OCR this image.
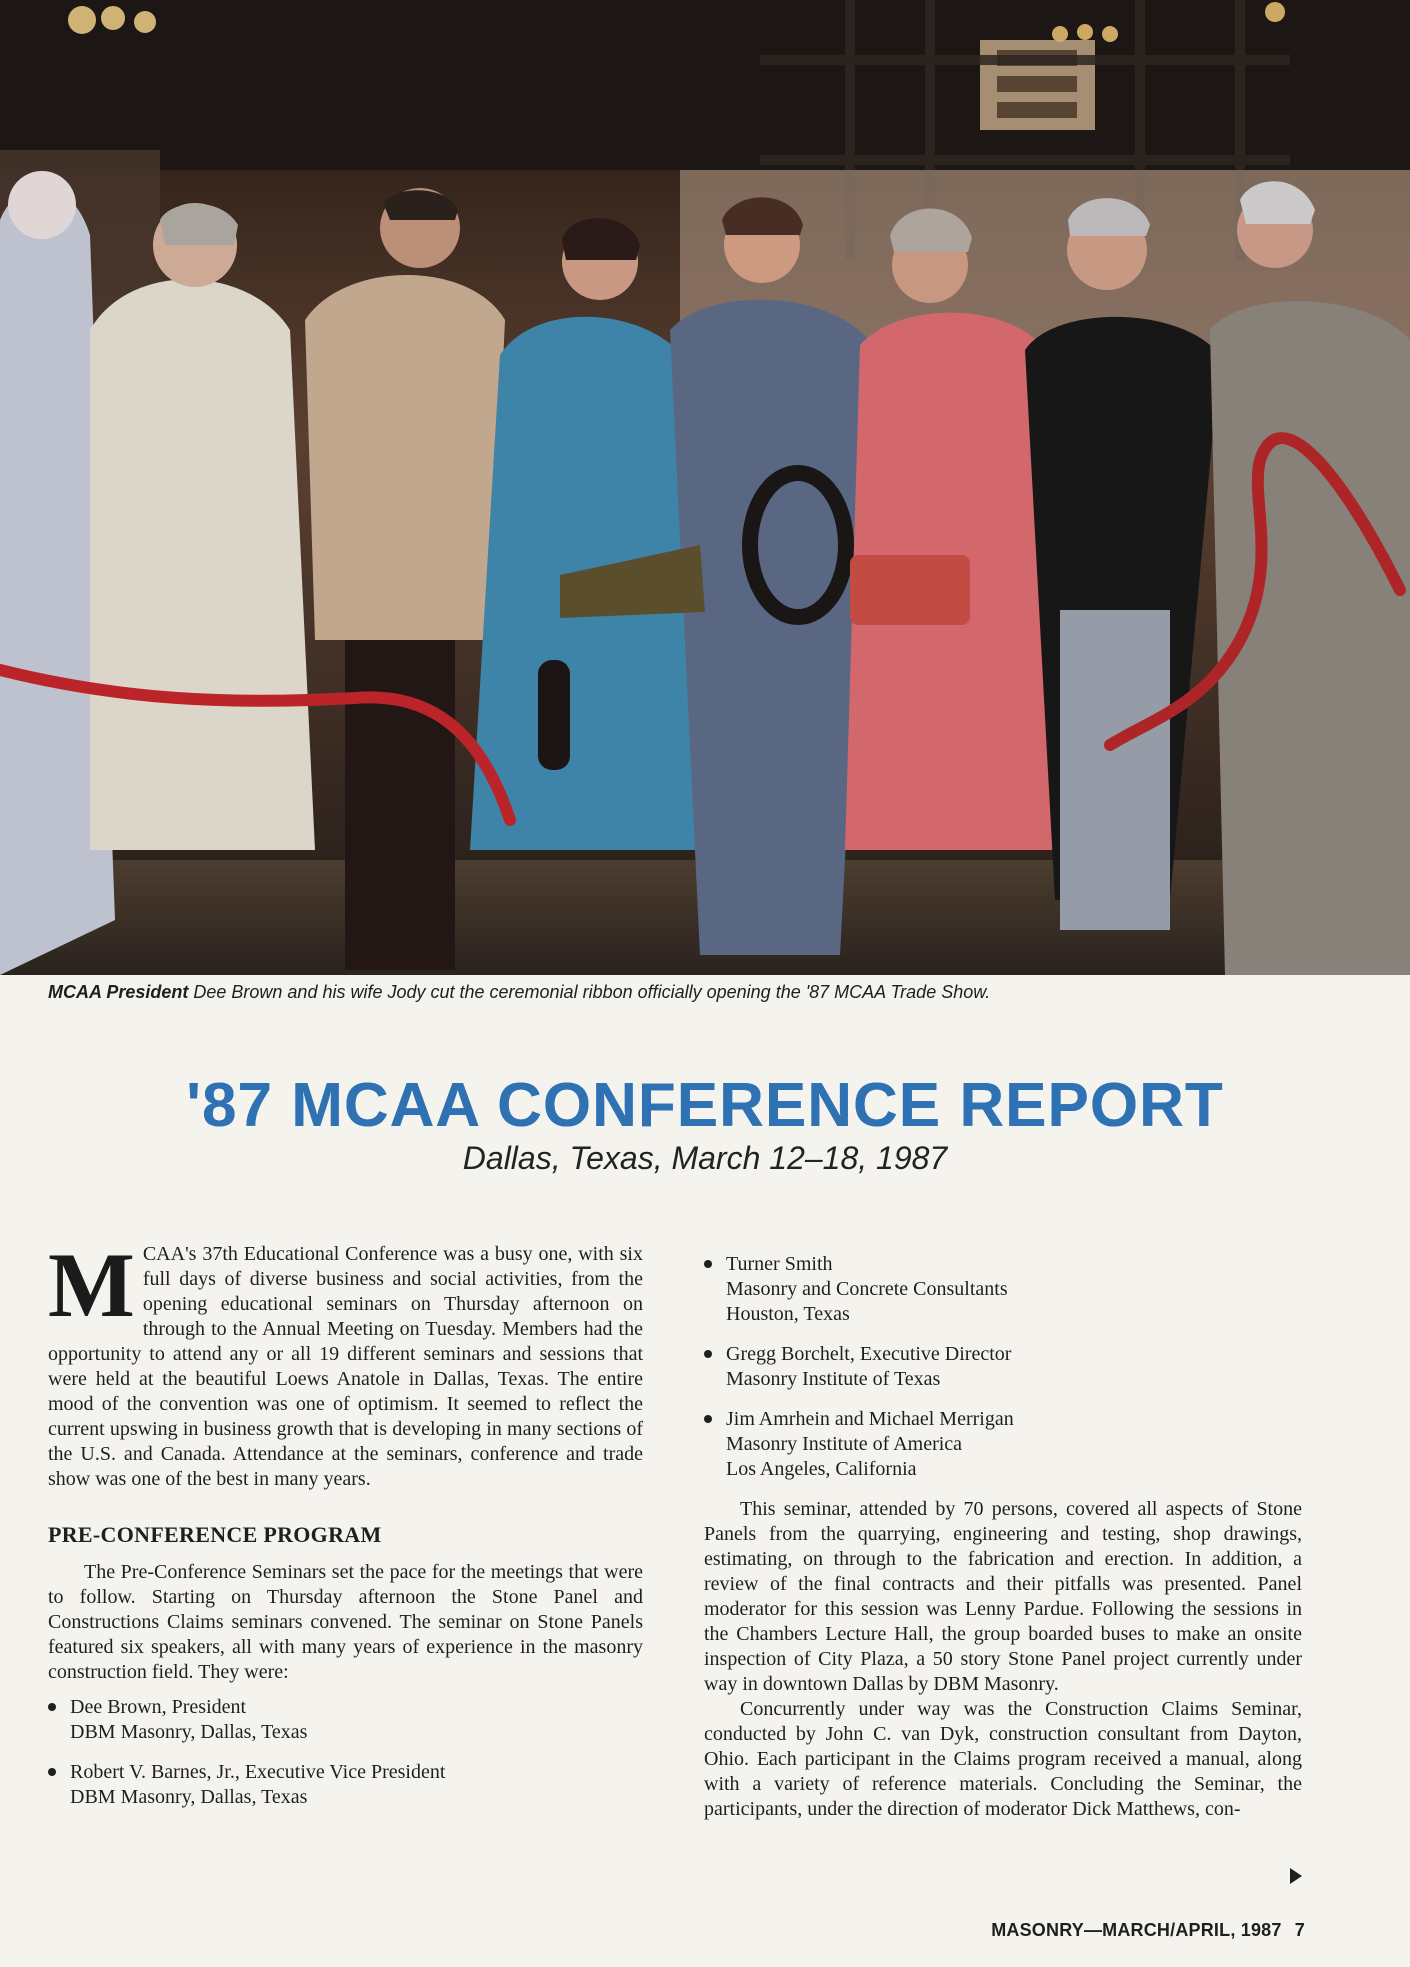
MCAA President Dee Brown and his wife Jody cut the ceremonial ribbon officially opening the '87 MCAA Trade Show.
'87 MCAA CONFERENCE REPORT
Dallas, Texas, March 12–18, 1987

M CAA's 37th Educational Conference was a busy one, with six full days of diverse business and social activities, from the opening educational seminars on Thursday afternoon on through to the Annual Meeting on Tuesday. Members had the opportunity to attend any or all 19 different seminars and sessions that were held at the beautiful Loews Anatole in Dallas, Texas. The entire mood of the convention was one of optimism. It seemed to reflect the current upswing in business growth that is developing in many sections of the U.S. and Canada. Attendance at the seminars, conference and trade show was one of the best in many years.

PRE-CONFERENCE PROGRAM

The Pre-Conference Seminars set the pace for the meetings that were to follow. Starting on Thursday afternoon the Stone Panel and Constructions Claims seminars convened. The seminar on Stone Panels featured six speakers, all with many years of experience in the masonry construction field. They were:

Dee Brown, President
DBM Masonry, Dallas, Texas
Robert V. Barnes, Jr., Executive Vice President
DBM Masonry, Dallas, Texas
Turner Smith
Masonry and Concrete Consultants
Houston, Texas
Gregg Borchelt, Executive Director
Masonry Institute of Texas
Jim Amrhein and Michael Merrigan
Masonry Institute of America
Los Angeles, California

This seminar, attended by 70 persons, covered all aspects of Stone Panels from the quarrying, engineering and testing, shop drawings, estimating, on through to the fabrication and erection. In addition, a review of the final contracts and their pitfalls was presented. Panel moderator for this session was Lenny Pardue. Following the sessions in the Chambers Lecture Hall, the group boarded buses to make an onsite inspection of City Plaza, a 50 story Stone Panel project currently under way in downtown Dallas by DBM Masonry.

Concurrently under way was the Construction Claims Seminar, conducted by John C. van Dyk, construction consultant from Dayton, Ohio. Each participant in the Claims program received a manual, along with a variety of reference materials. Concluding the Seminar, the participants, under the direction of moderator Dick Matthews, con-

MASONRY—MARCH/APRIL, 1987 7
